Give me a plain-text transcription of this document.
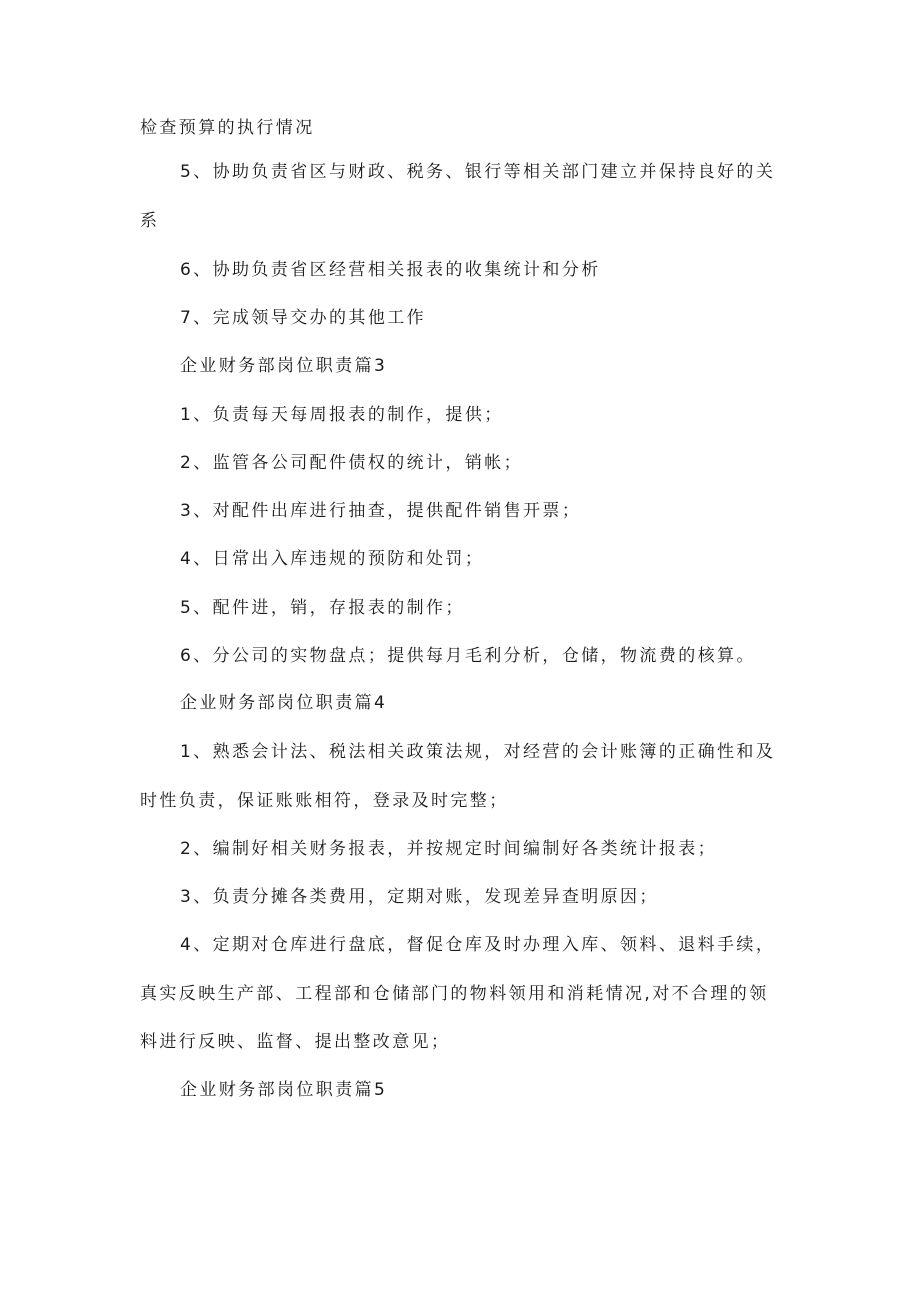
检查预算的执行情况
5、协助负责省区与财政、税务、银行等相关部门建立并保持良好的关
系
6、协助负责省区经营相关报表的收集统计和分析
7、完成领导交办的其他工作
企业财务部岗位职责篇3
1、负责每天每周报表的制作，提供；
2、监管各公司配件债权的统计，销帐；
3、对配件出库进行抽查，提供配件销售开票；
4、日常出入库违规的预防和处罚；
5、配件进，销，存报表的制作；
6、分公司的实物盘点；提供每月毛利分析，仓储，物流费的核算。
企业财务部岗位职责篇4
1、熟悉会计法、税法相关政策法规，对经营的会计账簿的正确性和及
时性负责，保证账账相符，登录及时完整；
2、编制好相关财务报表，并按规定时间编制好各类统计报表；
3、负责分摊各类费用，定期对账，发现差异查明原因；
4、定期对仓库进行盘底，督促仓库及时办理入库、领料、退料手续，
真实反映生产部、工程部和仓储部门的物料领用和消耗情况,对不合理的领
料进行反映、监督、提出整改意见；
企业财务部岗位职责篇5
